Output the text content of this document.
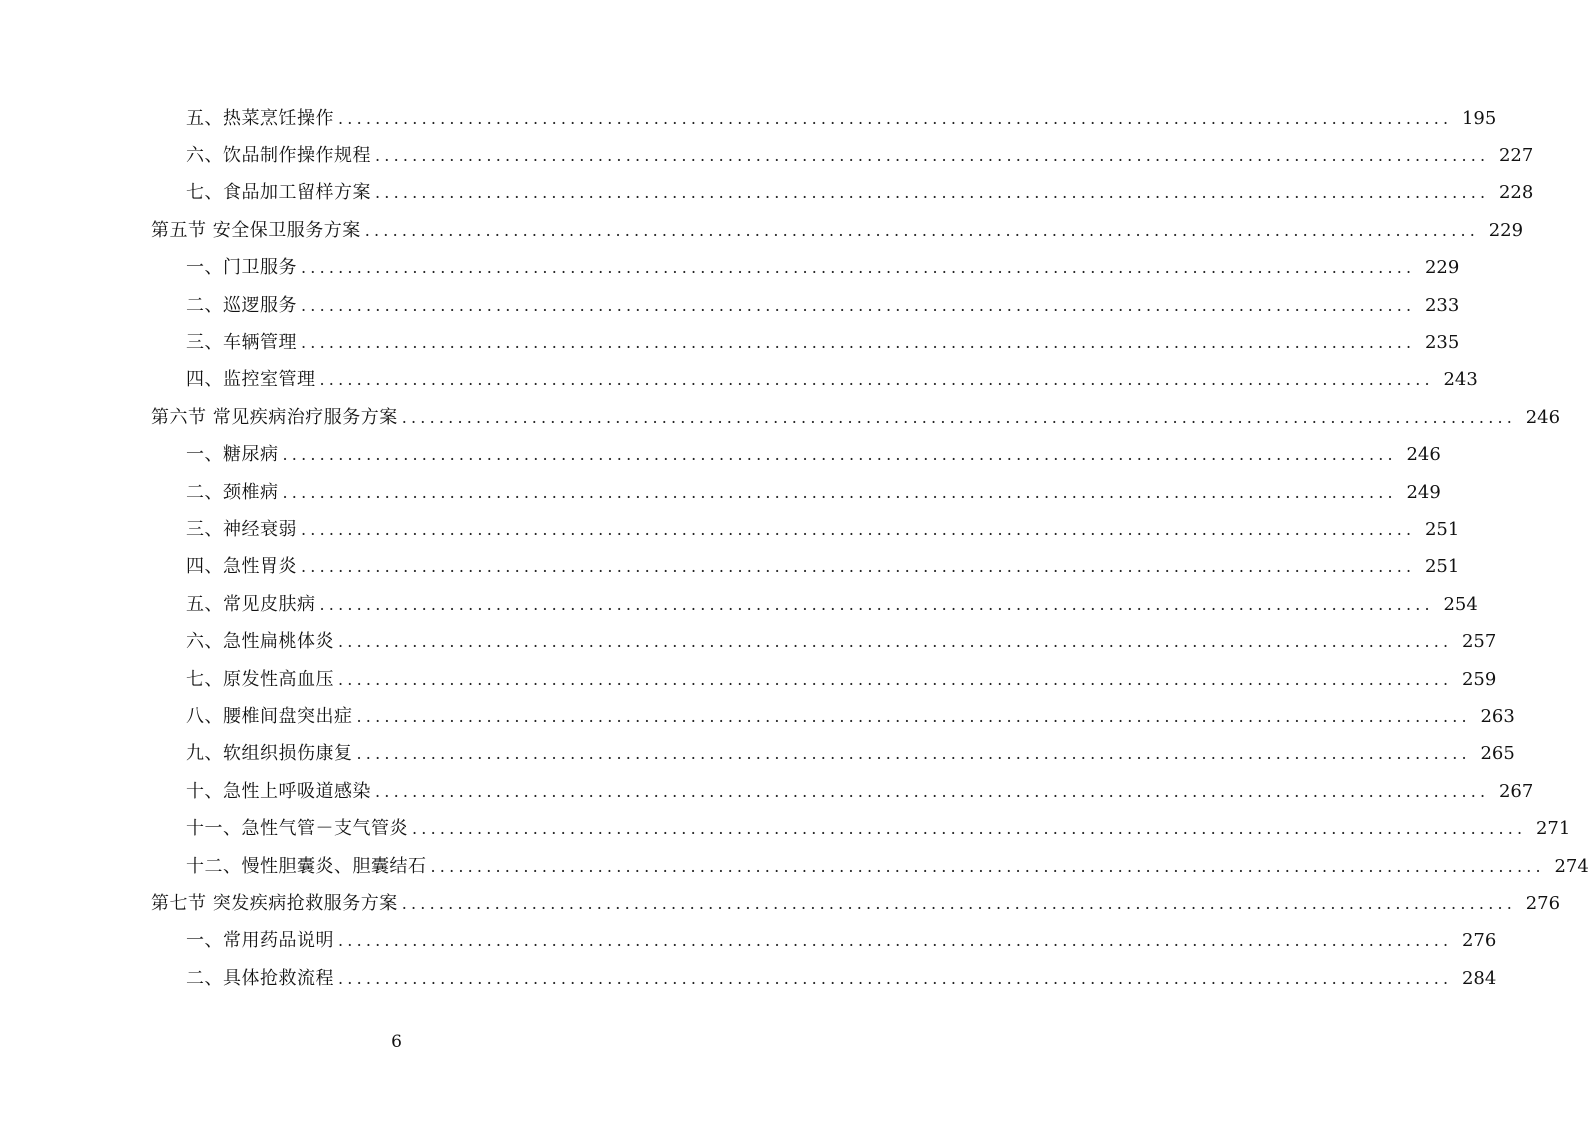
五、热菜烹饪操作 ........................................................................................................................ 195
六、饮品制作操作规程 ........................................................................................................................ 227
七、食品加工留样方案 ........................................................................................................................ 228
第五节 安全保卫服务方案 ........................................................................................................................ 229
一、门卫服务 ........................................................................................................................ 229
二、巡逻服务 ........................................................................................................................ 233
三、车辆管理 ........................................................................................................................ 235
四、监控室管理 ........................................................................................................................ 243
第六节 常见疾病治疗服务方案 ........................................................................................................................ 246
一、糖尿病 ........................................................................................................................ 246
二、颈椎病 ........................................................................................................................ 249
三、神经衰弱 ........................................................................................................................ 251
四、急性胃炎 ........................................................................................................................ 251
五、常见皮肤病 ........................................................................................................................ 254
六、急性扁桃体炎 ........................................................................................................................ 257
七、原发性高血压 ........................................................................................................................ 259
八、腰椎间盘突出症 ........................................................................................................................ 263
九、软组织损伤康复 ........................................................................................................................ 265
十、急性上呼吸道感染 ........................................................................................................................ 267
十一、急性气管－支气管炎 ........................................................................................................................ 271
十二、慢性胆囊炎、胆囊结石 ........................................................................................................................ 274
第七节 突发疾病抢救服务方案 ........................................................................................................................ 276
一、常用药品说明 ........................................................................................................................ 276
二、具体抢救流程 ........................................................................................................................ 284
6
